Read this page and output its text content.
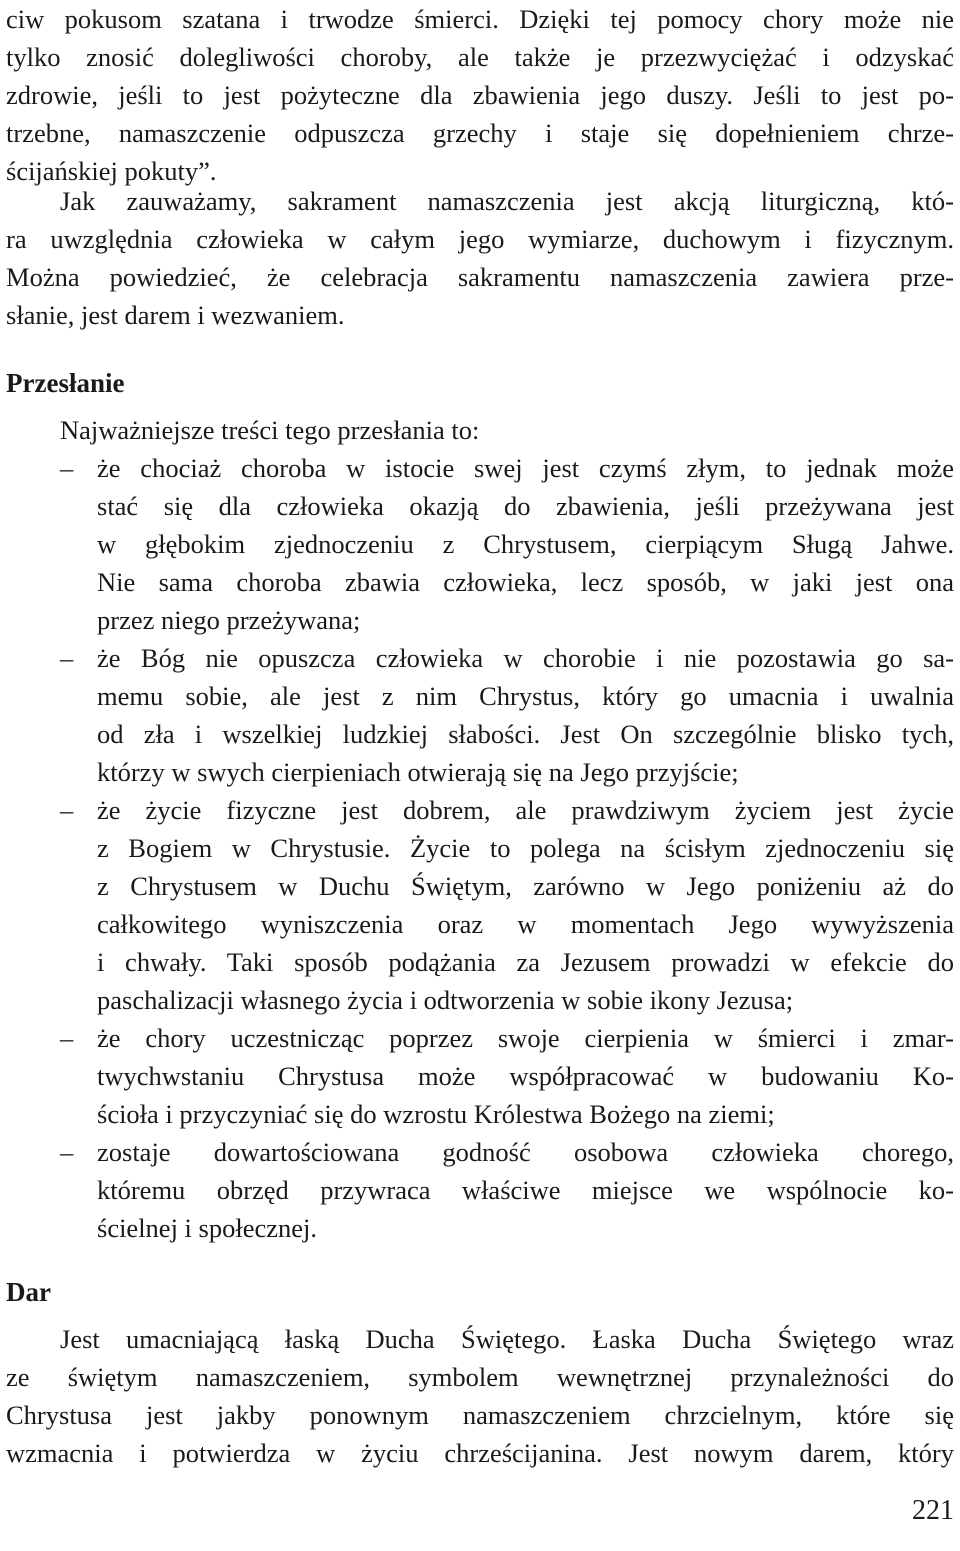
ciw pokusom szatana i trwodze śmierci. Dzięki tej pomocy chory może nie
tylko znosić dolegliwości choroby, ale także je przezwyciężać i odzyskać
zdrowie, jeśli to jest pożyteczne dla zbawienia jego duszy. Jeśli to jest po-
trzebne, namaszczenie odpuszcza grzechy i staje się dopełnieniem chrze-
ścijańskiej pokuty”.
Jak zauważamy, sakrament namaszczenia jest akcją liturgiczną, któ-
ra uwzględnia człowieka w całym jego wymiarze, duchowym i fizycznym.
Można powiedzieć, że celebracja sakramentu namaszczenia zawiera prze-
słanie, jest darem i wezwaniem.
Przesłanie
Najważniejsze treści tego przesłania to:
– że chociaż choroba w istocie swej jest czymś złym, to jednak może
stać się dla człowieka okazją do zbawienia, jeśli przeżywana jest
w głębokim zjednoczeniu z Chrystusem, cierpiącym Sługą Jahwe.
Nie sama choroba zbawia człowieka, lecz sposób, w jaki jest ona
przez niego przeżywana;
– że Bóg nie opuszcza człowieka w chorobie i nie pozostawia go sa-
memu sobie, ale jest z nim Chrystus, który go umacnia i uwalnia
od zła i wszelkiej ludzkiej słabości. Jest On szczególnie blisko tych,
którzy w swych cierpieniach otwierają się na Jego przyjście;
– że życie fizyczne jest dobrem, ale prawdziwym życiem jest życie
z Bogiem w Chrystusie. Życie to polega na ścisłym zjednoczeniu się
z Chrystusem w Duchu Świętym, zarówno w Jego poniżeniu aż do
całkowitego wyniszczenia oraz w momentach Jego wywyższenia
i chwały. Taki sposób podążania za Jezusem prowadzi w efekcie do
paschalizacji własnego życia i odtworzenia w sobie ikony Jezusa;
– że chory uczestnicząc poprzez swoje cierpienia w śmierci i zmar-
twychwstaniu Chrystusa może współpracować w budowaniu Ko-
ścioła i przyczyniać się do wzrostu Królestwa Bożego na ziemi;
– zostaje dowartościowana godność osobowa człowieka chorego,
któremu obrzęd przywraca właściwe miejsce we wspólnocie ko-
ścielnej i społecznej.
Dar
Jest umacniającą łaską Ducha Świętego. Łaska Ducha Świętego wraz
ze świętym namaszczeniem, symbolem wewnętrznej przynależności do
Chrystusa jest jakby ponownym namaszczeniem chrzcielnym, które się
wzmacnia i potwierdza w życiu chrześcijanina. Jest nowym darem, który
221
